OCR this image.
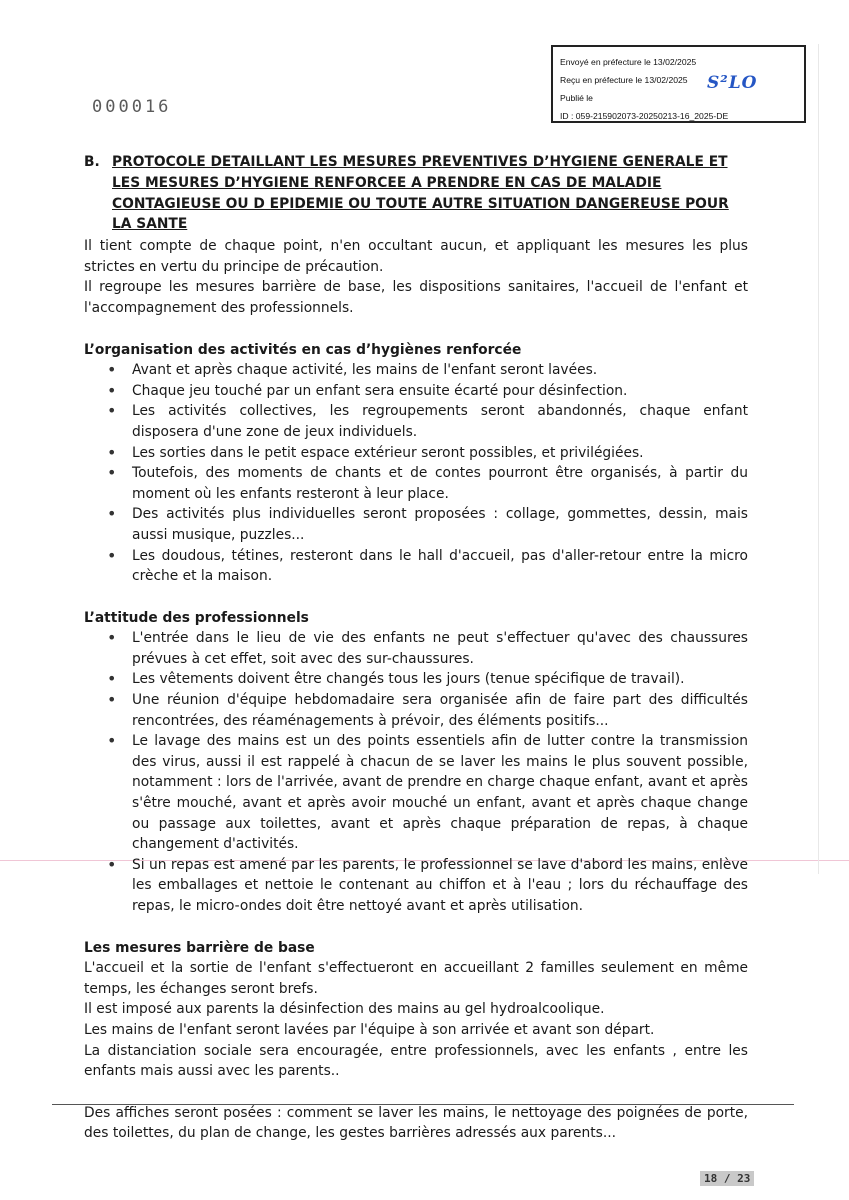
Envoyé en préfecture le 13/02/2025
Reçu en préfecture le 13/02/2025
Publié le
ID : 059-215902073-20250213-16_2025-DE
S²LO
000016
B. PROTOCOLE DETAILLANT LES MESURES PREVENTIVES D’HYGIENE GENERALE ET LES MESURES D’HYGIENE RENFORCEE A PRENDRE EN CAS DE MALADIE CONTAGIEUSE OU D EPIDEMIE OU TOUTE AUTRE SITUATION DANGEREUSE POUR LA SANTE

Il tient compte de chaque point, n'en occultant aucun, et appliquant les mesures les plus strictes en vertu du principe de précaution.

Il regroupe les mesures barrière de base, les dispositions sanitaires, l'accueil de l'enfant et l'accompagnement des professionnels.

L’organisation des activités en cas d’hygiènes renforcée
• Avant et après chaque activité, les mains de l'enfant seront lavées.
• Chaque jeu touché par un enfant sera ensuite écarté pour désinfection.
• Les activités collectives, les regroupements seront abandonnés, chaque enfant disposera d'une zone de jeux individuels.
• Les sorties dans le petit espace extérieur seront possibles, et privilégiées.
• Toutefois, des moments de chants et de contes pourront être organisés, à partir du moment où les enfants resteront à leur place.
• Des activités plus individuelles seront proposées : collage, gommettes, dessin, mais aussi musique, puzzles...
• Les doudous, tétines, resteront dans le hall d'accueil, pas d'aller-retour entre la micro crèche et la maison.
L’attitude des professionnels
• L'entrée dans le lieu de vie des enfants ne peut s'effectuer qu'avec des chaussures prévues à cet effet, soit avec des sur-chaussures.
• Les vêtements doivent être changés tous les jours (tenue spécifique de travail).
• Une réunion d'équipe hebdomadaire sera organisée afin de faire part des difficultés rencontrées, des réaménagements à prévoir, des éléments positifs...
• Le lavage des mains est un des points essentiels afin de lutter contre la transmission des virus, aussi il est rappelé à chacun de se laver les mains le plus souvent possible, notamment : lors de l'arrivée, avant de prendre en charge chaque enfant, avant et après s'être mouché, avant et après avoir mouché un enfant, avant et après chaque change ou passage aux toilettes, avant et après chaque préparation de repas, à chaque changement d'activités.
• Si un repas est amené par les parents, le professionnel se lave d'abord les mains, enlève les emballages et nettoie le contenant au chiffon et à l'eau ; lors du réchauffage des repas, le micro-ondes doit être nettoyé avant et après utilisation.
Les mesures barrière de base

L'accueil et la sortie de l'enfant s'effectueront en accueillant 2 familles seulement en même temps, les échanges seront brefs.

Il est imposé aux parents la désinfection des mains au gel hydroalcoolique.

Les mains de l'enfant seront lavées par l'équipe à son arrivée et avant son départ.

La distanciation sociale sera encouragée, entre professionnels, avec les enfants , entre les enfants mais aussi avec les parents..

Des affiches seront posées : comment se laver les mains, le nettoyage des poignées de porte, des toilettes, du plan de change, les gestes barrières adressés aux parents...

18 / 23
